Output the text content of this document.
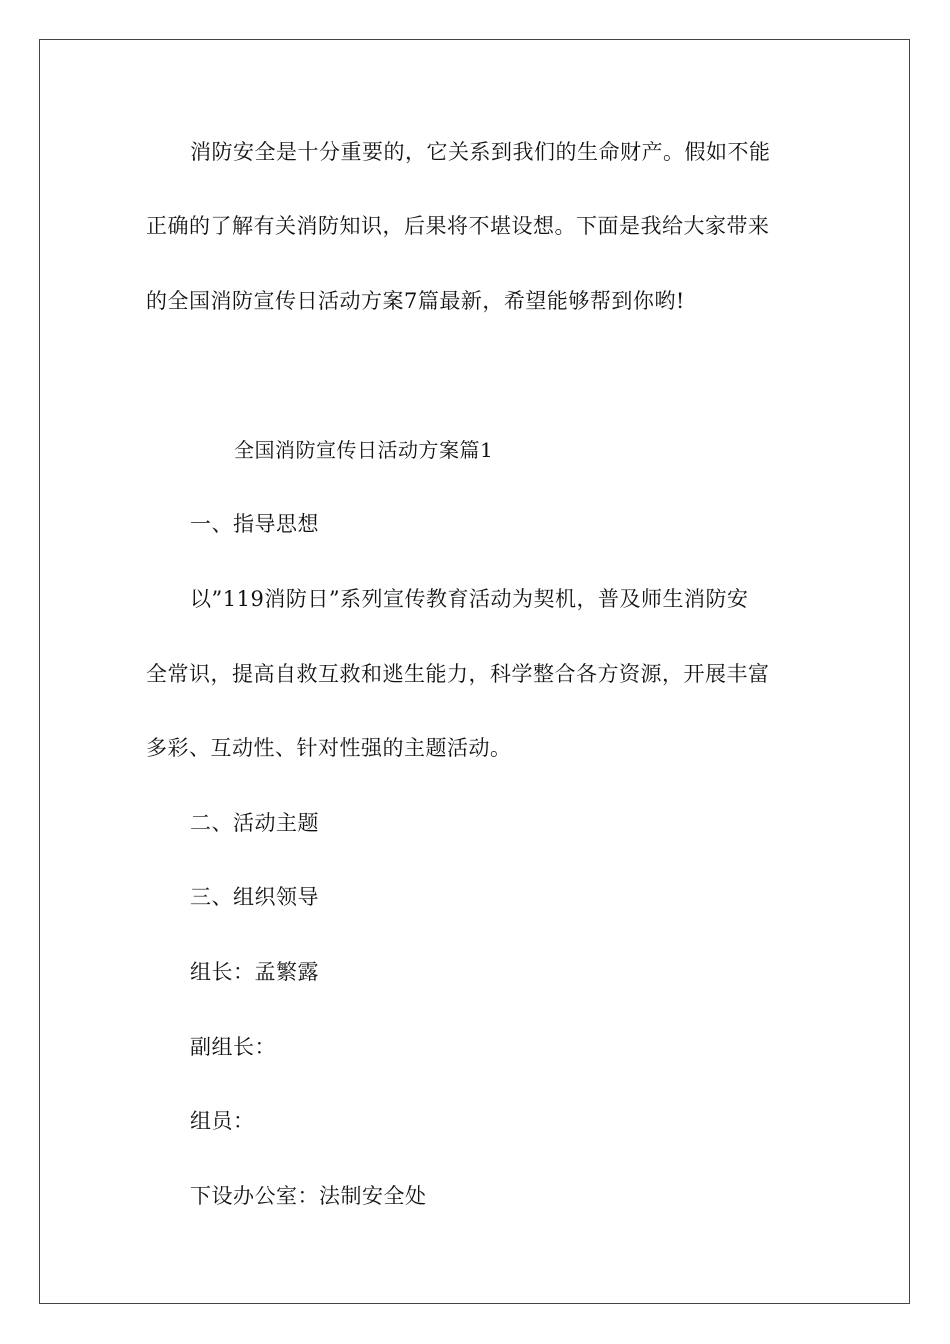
消防安全是十分重要的，它关系到我们的生命财产。假如不能
正确的了解有关消防知识，后果将不堪设想。下面是我给大家带来
的全国消防宣传日活动方案7篇最新，希望能够帮到你哟!
全国消防宣传日活动方案篇1
一、指导思想
以”119消防日”系列宣传教育活动为契机，普及师生消防安
全常识，提高自救互救和逃生能力，科学整合各方资源，开展丰富
多彩、互动性、针对性强的主题活动。
二、活动主题
三、组织领导
组长：孟繁露
副组长：
组员：
下设办公室：法制安全处
